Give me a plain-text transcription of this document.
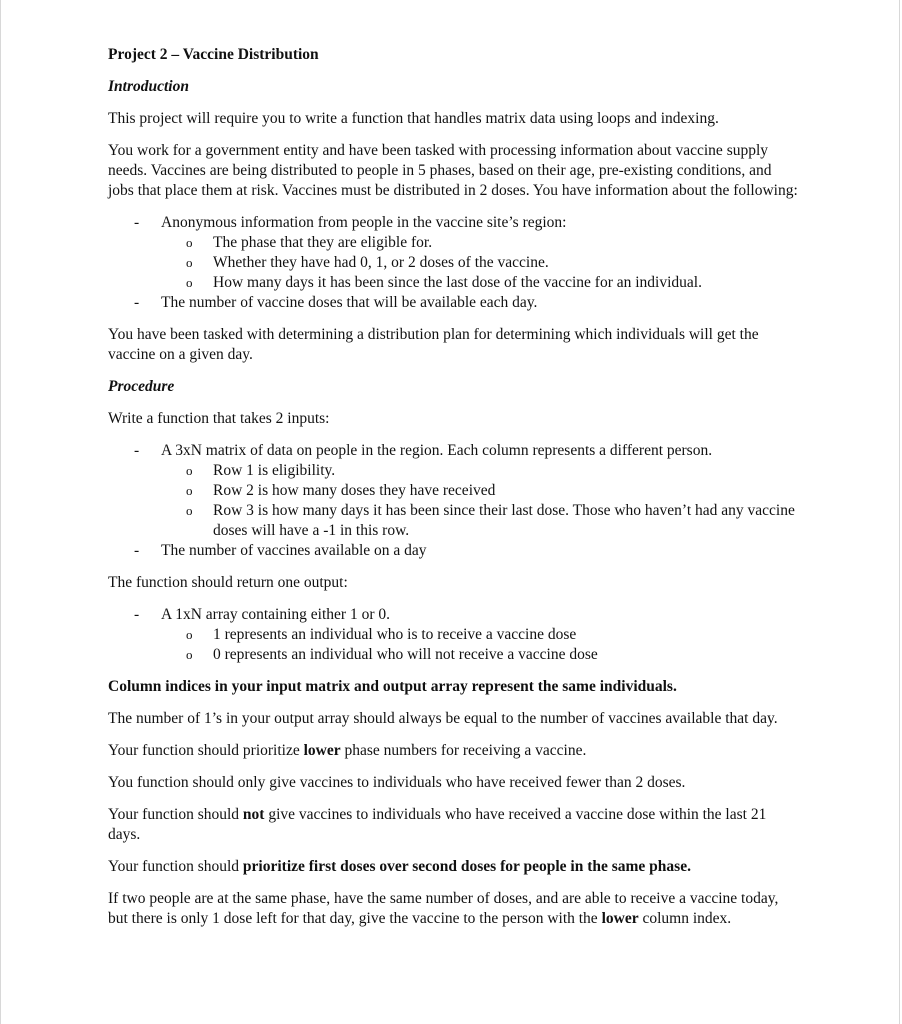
Project 2 – Vaccine Distribution

Introduction

This project will require you to write a function that handles matrix data using loops and indexing.

You work for a government entity and have been tasked with processing information about vaccine supply needs. Vaccines are being distributed to people in 5 phases, based on their age, pre-existing conditions, and jobs that place them at risk. Vaccines must be distributed in 2 doses. You have information about the following:

- Anonymous information from people in the vaccine site’s region:
o The phase that they are eligible for.
o Whether they have had 0, 1, or 2 doses of the vaccine.
o How many days it has been since the last dose of the vaccine for an individual.
- The number of vaccine doses that will be available each day.

You have been tasked with determining a distribution plan for determining which individuals will get the vaccine on a given day.

Procedure

Write a function that takes 2 inputs:

- A 3xN matrix of data on people in the region. Each column represents a different person.
o Row 1 is eligibility.
o Row 2 is how many doses they have received
o Row 3 is how many days it has been since their last dose. Those who haven’t had any vaccine doses will have a -1 in this row.
- The number of vaccines available on a day

The function should return one output:

- A 1xN array containing either 1 or 0.
o 1 represents an individual who is to receive a vaccine dose
o 0 represents an individual who will not receive a vaccine dose

Column indices in your input matrix and output array represent the same individuals.

The number of 1’s in your output array should always be equal to the number of vaccines available that day.

Your function should prioritize lower phase numbers for receiving a vaccine.

You function should only give vaccines to individuals who have received fewer than 2 doses.

Your function should not give vaccines to individuals who have received a vaccine dose within the last 21 days.

Your function should prioritize first doses over second doses for people in the same phase.

If two people are at the same phase, have the same number of doses, and are able to receive a vaccine today, but there is only 1 dose left for that day, give the vaccine to the person with the lower column index.
